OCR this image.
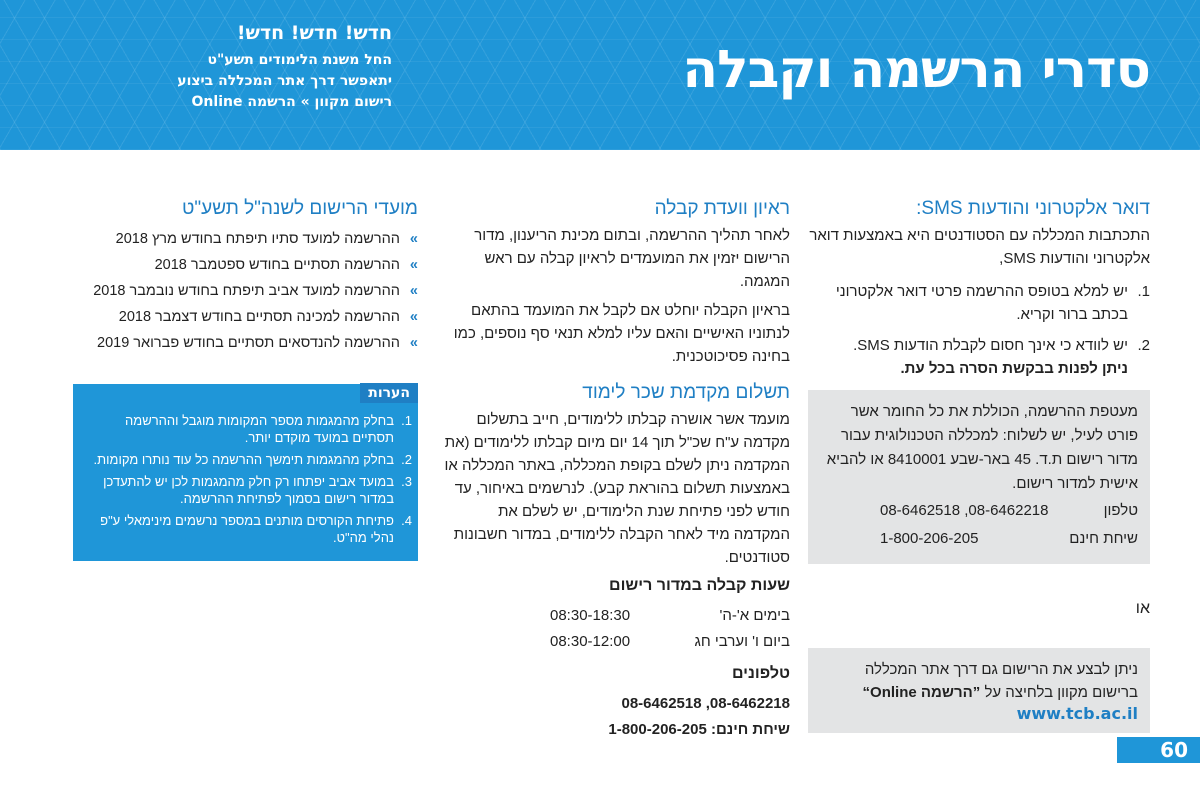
סדרי הרשמה וקבלה
חדש! חדש! חדש!
החל משנת הלימודים תשע"ט
יתאפשר דרך אתר המכללה ביצוע
רישום מקוון » הרשמה Online
דואר אלקטרוני והודעות SMS:
התכתבות המכללה עם הסטודנטים היא באמצעות דואר אלקטרוני והודעות SMS,
1.
יש למלא בטופס ההרשמה פרטי דואר אלקטרוני בכתב ברור וקריא.
2.
יש לוודא כי אינך חסום לקבלת הודעות SMS.
ניתן לפנות בבקשת הסרה בכל עת.
מעטפת ההרשמה, הכוללת את כל החומר אשר פורט לעיל, יש לשלוח: למכללה הטכנולוגית עבור מדור רישום ת.ד. 45 באר-שבע 8410001 או להביא אישית למדור רישום.
טלפון
08-6462518 ,08-6462218
שיחת חינם
1-800-206-205
או
ניתן לבצע את הרישום גם דרך אתר המכללה
ברישום מקוון בלחיצה על ”הרשמה Online“
www.tcb.ac.il
ראיון וועדת קבלה
לאחר תהליך ההרשמה, ובתום מכינת הריענון, מדור הרישום יזמין את המועמדים לראיון קבלה עם ראש המגמה.
בראיון הקבלה יוחלט אם לקבל את המועמד בהתאם לנתוניו האישיים והאם עליו למלא תנאי סף נוספים, כמו בחינה פסיכוטכנית.
תשלום מקדמת שכר לימוד
מועמד אשר אושרה קבלתו ללימודים, חייב בתשלום מקדמה ע"ח שכ"ל תוך 14 יום מיום קבלתו ללימודים (את המקדמה ניתן לשלם בקופת המכללה, באתר המכללה או באמצעות תשלום בהוראת קבע). לנרשמים באיחור, עד חודש לפני פתיחת שנת הלימודים, יש לשלם את המקדמה מיד לאחר הקבלה ללימודים, במדור חשבונות סטודנטים.
שעות קבלה במדור רישום
בימים א'-ה'
08:30-18:30
ביום ו' וערבי חג
08:30-12:00
טלפונים
08-6462518 ,08-6462218
שיחת חינם: 1-800-206-205
מועדי הרישום לשנה"ל תשע"ט
»
ההרשמה למועד סתיו תיפתח בחודש מרץ 2018
»
ההרשמה תסתיים בחודש ספטמבר 2018
»
ההרשמה למועד אביב תיפתח בחודש נובמבר 2018
»
ההרשמה למכינה תסתיים בחודש דצמבר 2018
»
ההרשמה להנדסאים תסתיים בחודש פברואר 2019
הערות
1.
בחלק מהמגמות מספר המקומות מוגבל וההרשמה תסתיים במועד מוקדם יותר.
2.
בחלק מהמגמות תימשך ההרשמה כל עוד נותרו מקומות.
3.
במועד אביב יפתחו רק חלק מהמגמות לכן יש להתעדכן במדור רישום בסמוך לפתיחת ההרשמה.
4.
פתיחת הקורסים מותנים במספר נרשמים מינימאלי ע"פ נהלי מה"ט.
60
